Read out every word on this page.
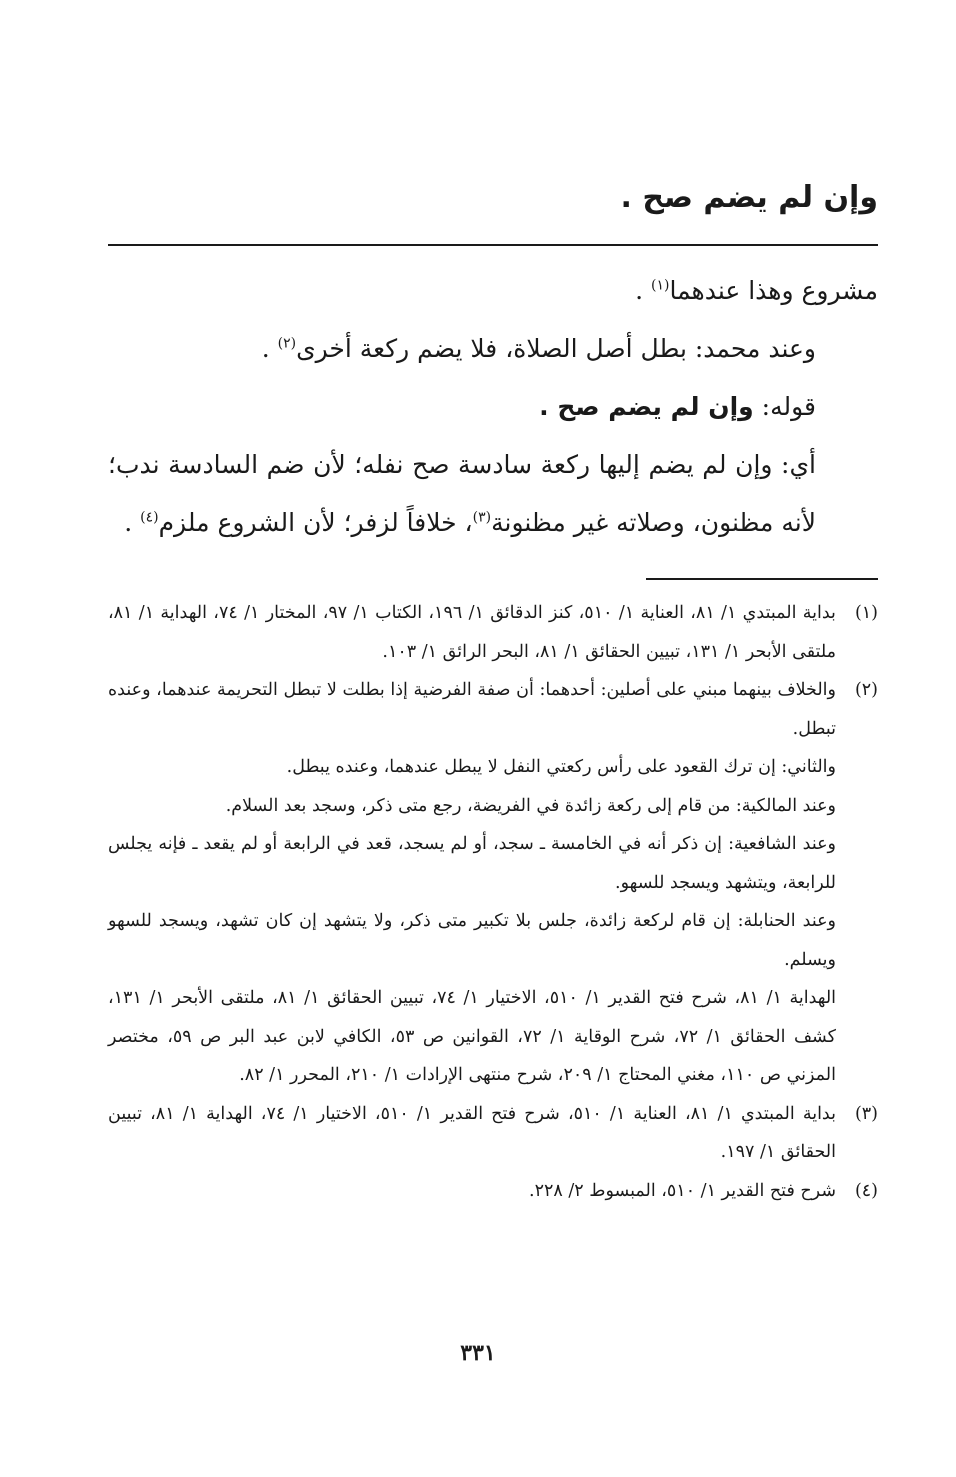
وإن لم يضم صح .

مشروع وهذا عندهما$^{(١)}$ .

وعند محمد: بطل أصل الصلاة، فلا يضم ركعة أخرى$^{(٢)}$ .

قوله: وإن لم يضم صح .

أي: وإن لم يضم إليها ركعة سادسة صح نفله؛ لأن ضم السادسة ندب؛ لأنه مظنون، وصلاته غير مظنونة$^{(٣)}$، خلافاً لزفر؛ لأن الشروع ملزم$^{(٤)}$ .

(١)

بداية المبتدي ١/ ٨١، العناية ١/ ٥١٠، كنز الدقائق ١/ ١٩٦، الكتاب ١/ ٩٧، المختار ١/ ٧٤، الهداية ١/ ٨١، ملتقى الأبحر ١/ ١٣١، تبيين الحقائق ١/ ٨١، البحر الرائق ١/ ١٠٣.

(٢)

والخلاف بينهما مبني على أصلين: أحدهما: أن صفة الفرضية إذا بطلت لا تبطل التحريمة عندهما، وعنده تبطل.

والثاني: إن ترك القعود على رأس ركعتي النفل لا يبطل عندهما، وعنده يبطل.

وعند المالكية: من قام إلى ركعة زائدة في الفريضة، رجع متى ذكر، وسجد بعد السلام.

وعند الشافعية: إن ذكر أنه في الخامسة ـ سجد، أو لم يسجد، قعد في الرابعة أو لم يقعد ـ فإنه يجلس للرابعة، ويتشهد ويسجد للسهو.

وعند الحنابلة: إن قام لركعة زائدة، جلس بلا تكبير متى ذكر، ولا يتشهد إن كان تشهد، ويسجد للسهو ويسلم.

الهداية ١/ ٨١، شرح فتح القدير ١/ ٥١٠، الاختيار ١/ ٧٤، تبيين الحقائق ١/ ٨١، ملتقى الأبحر ١/ ١٣١، كشف الحقائق ١/ ٧٢، شرح الوقاية ١/ ٧٢، القوانين ص ٥٣، الكافي لابن عبد البر ص ٥٩، مختصر المزني ص ١١٠، مغني المحتاج ١/ ٢٠٩، شرح منتهى الإرادات ١/ ٢١٠، المحرر ١/ ٨٢.

(٣)

بداية المبتدي ١/ ٨١، العناية ١/ ٥١٠، شرح فتح القدير ١/ ٥١٠، الاختيار ١/ ٧٤، الهداية ١/ ٨١، تبيين الحقائق ١/ ١٩٧.

(٤)

شرح فتح القدير ١/ ٥١٠، المبسوط ٢/ ٢٢٨.

٣٣١
